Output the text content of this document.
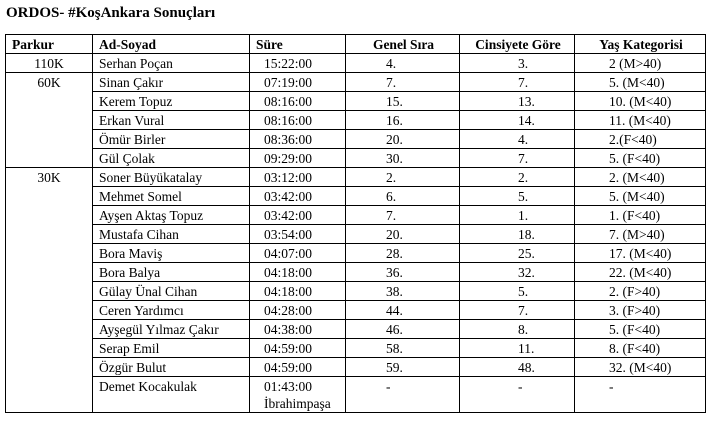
ORDOS- #KoşAnkara Sonuçları
Parkur	Ad-Soyad	Süre	Genel Sıra	Cinsiyete Göre	Yaş Kategorisi
110K	Serhan Poçan	15:22:00	4.	3.	2 (M>40)
60K	Sinan Çakır	07:19:00	7.	7.	5. (M<40)
	Kerem Topuz	08:16:00	15.	13.	10. (M<40)
	Erkan Vural	08:16:00	16.	14.	11. (M<40)
	Ömür Birler	08:36:00	20.	4.	2.(F<40)
	Gül Çolak	09:29:00	30.	7.	5. (F<40)
30K	Soner Büyükatalay	03:12:00	2.	2.	2. (M<40)
	Mehmet Somel	03:42:00	6.	5.	5. (M<40)
	Ayşen Aktaş Topuz	03:42:00	7.	1.	1. (F<40)
	Mustafa Cihan	03:54:00	20.	18.	7. (M>40)
	Bora Maviş	04:07:00	28.	25.	17. (M<40)
	Bora Balya	04:18:00	36.	32.	22. (M<40)
	Gülay Ünal Cihan	04:18:00	38.	5.	2. (F>40)
	Ceren Yardımcı	04:28:00	44.	7.	3. (F>40)
	Ayşegül Yılmaz Çakır	04:38:00	46.	8.	5. (F<40)
	Serap Emil	04:59:00	58.	11.	8. (F<40)
	Özgür Bulut	04:59:00	59.	48.	32. (M<40)
	Demet Kocakulak	01:43:00 İbrahimpaşa	-	-	-
